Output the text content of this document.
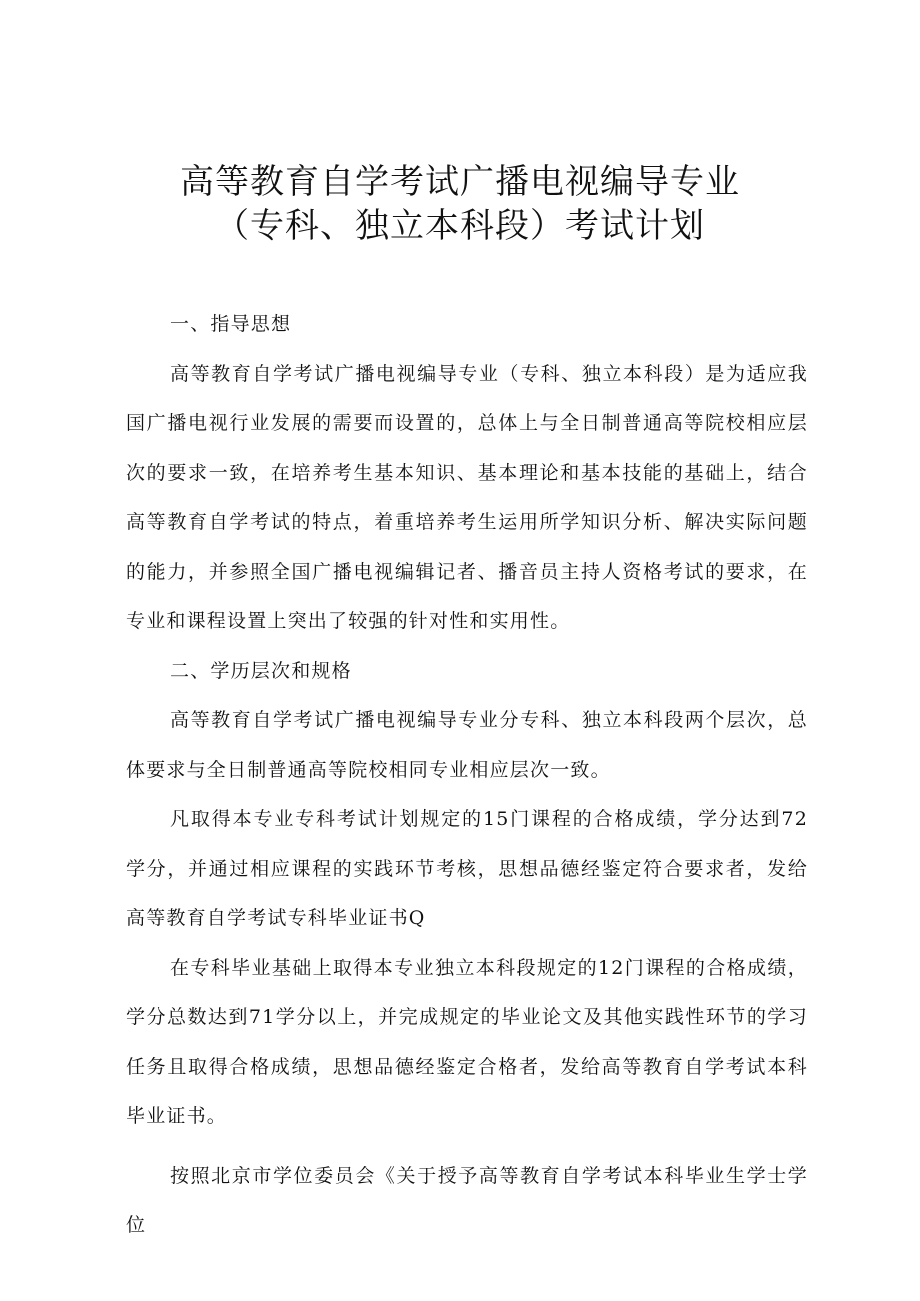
高等教育自学考试广播电视编导专业
（专科、独立本科段）考试计划

一、指导思想

高等教育自学考试广播电视编导专业（专科、独立本科段）是为适应我国广播电视行业发展的需要而设置的，总体上与全日制普通高等院校相应层次的要求一致，在培养考生基本知识、基本理论和基本技能的基础上，结合高等教育自学考试的特点，着重培养考生运用所学知识分析、解决实际问题的能力，并参照全国广播电视编辑记者、播音员主持人资格考试的要求，在专业和课程设置上突出了较强的针对性和实用性。

二、学历层次和规格

高等教育自学考试广播电视编导专业分专科、独立本科段两个层次，总体要求与全日制普通高等院校相同专业相应层次一致。

凡取得本专业专科考试计划规定的15门课程的合格成绩，学分达到72学分，并通过相应课程的实践环节考核，思想品德经鉴定符合要求者，发给高等教育自学考试专科毕业证书Q

在专科毕业基础上取得本专业独立本科段规定的12门课程的合格成绩，学分总数达到71学分以上，并完成规定的毕业论文及其他实践性环节的学习任务且取得合格成绩，思想品德经鉴定合格者，发给高等教育自学考试本科毕业证书。

按照北京市学位委员会《关于授予高等教育自学考试本科毕业生学士学位
